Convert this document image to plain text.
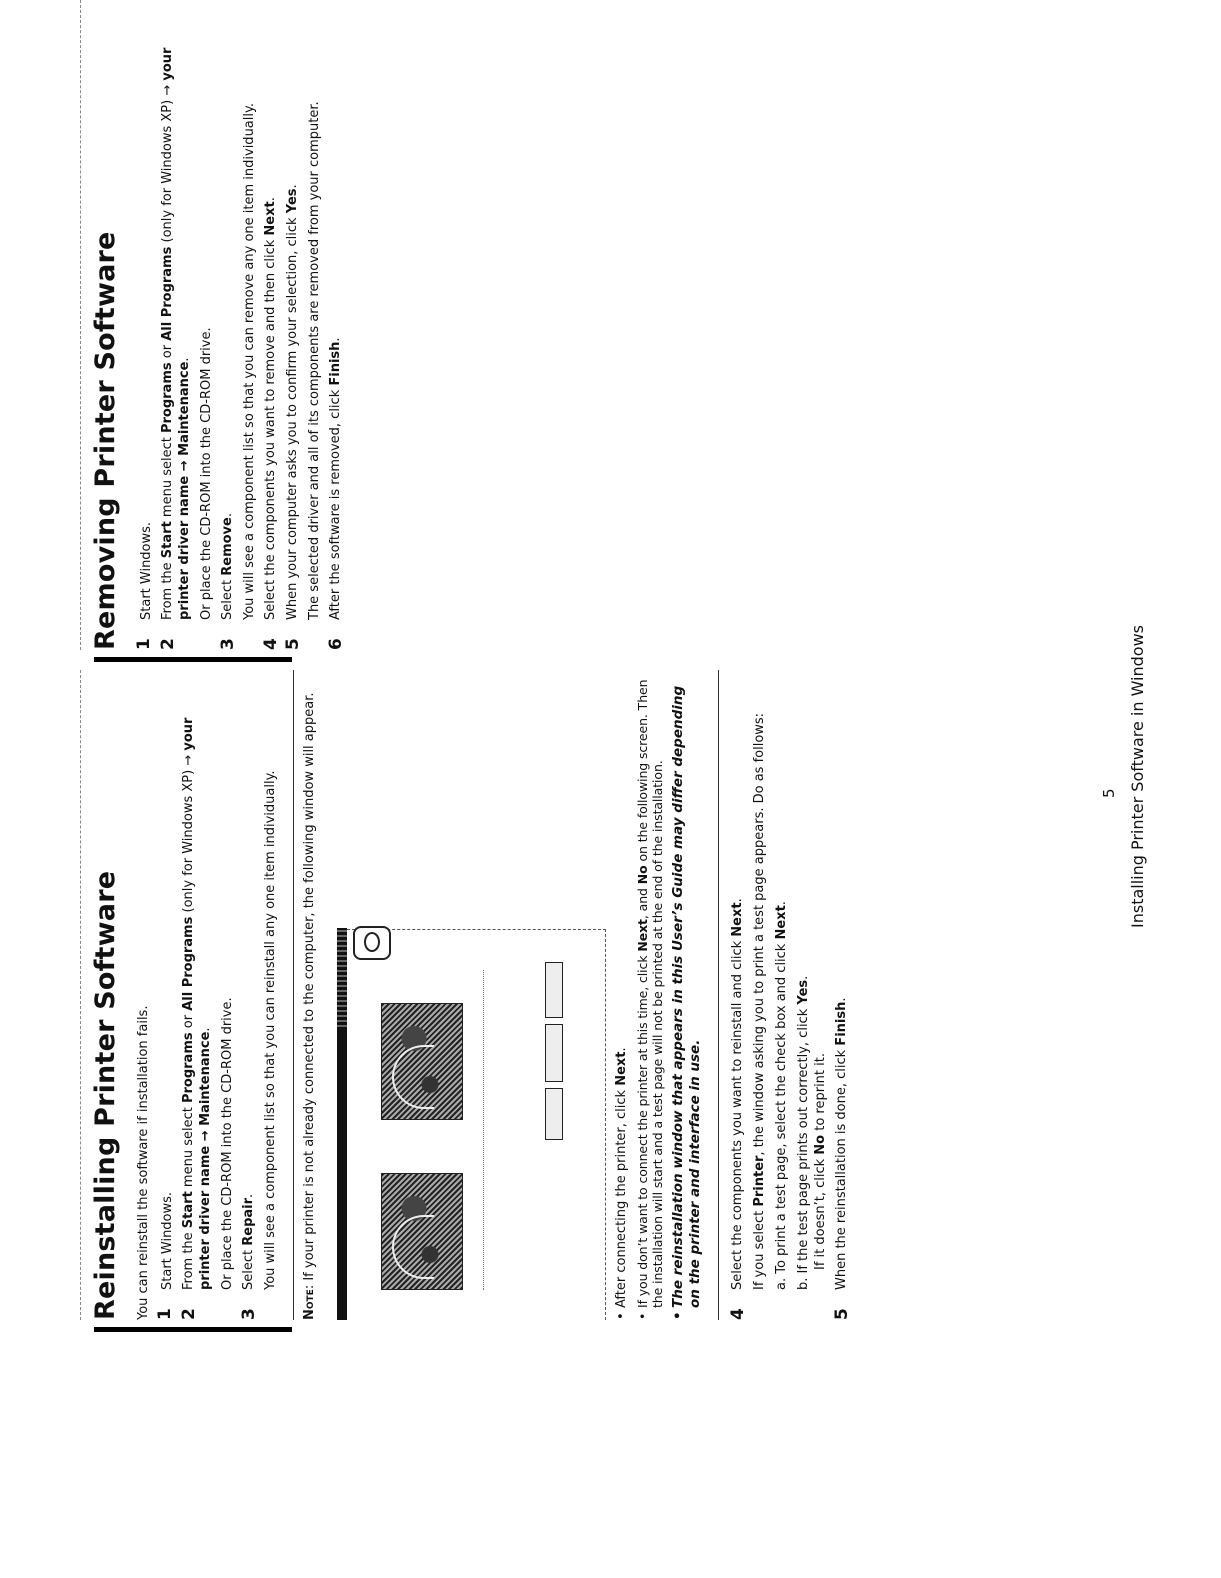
Reinstalling Printer Software You can reinstall the software if installation fails. 1
Start Windows.
2

From the Start menu select Programs or All Programs (only for Windows XP) → your printer driver name → Maintenance. Or place the CD-ROM into the CD-ROM drive.

3

Select Repair. You will see a component list so that you can reinstall any one item individually.

Note: If your printer is not already connected to the computer, the following window will appear.	• After connecting the printer, click Next. • If you don’t want to connect the printer at this time, click Next, and No on the following screen. Then the installation will start and a test page will not be printed at the end of the installation. • The reinstallation window that appears in this User’s Guide may differ depending on the printer and interface in use.
4

Select the components you want to reinstall and click Next.

If you select Printer, the window asking you to print a test page appears. Do as follows: a. To print a test page, select the check box and click Next.

b. If the test page prints out correctly, click Yes.

If it doesn’t, click No to reprint it.

5

When the reinstallation is done, click Finish.

Removing Printer Software 1
Start Windows.
2

From the Start menu select Programs or All Programs (only for Windows XP) → your printer driver name → Maintenance. Or place the CD-ROM into the CD-ROM drive.

3

Select Remove. You will see a component list so that you can remove any one item individually.

4

Select the components you want to remove and then click Next.

5

When your computer asks you to confirm your selection, click Yes. The selected driver and all of its components are removed from your computer.

6

After the software is removed, click Finish.

5 Installing Printer Software in Windows
